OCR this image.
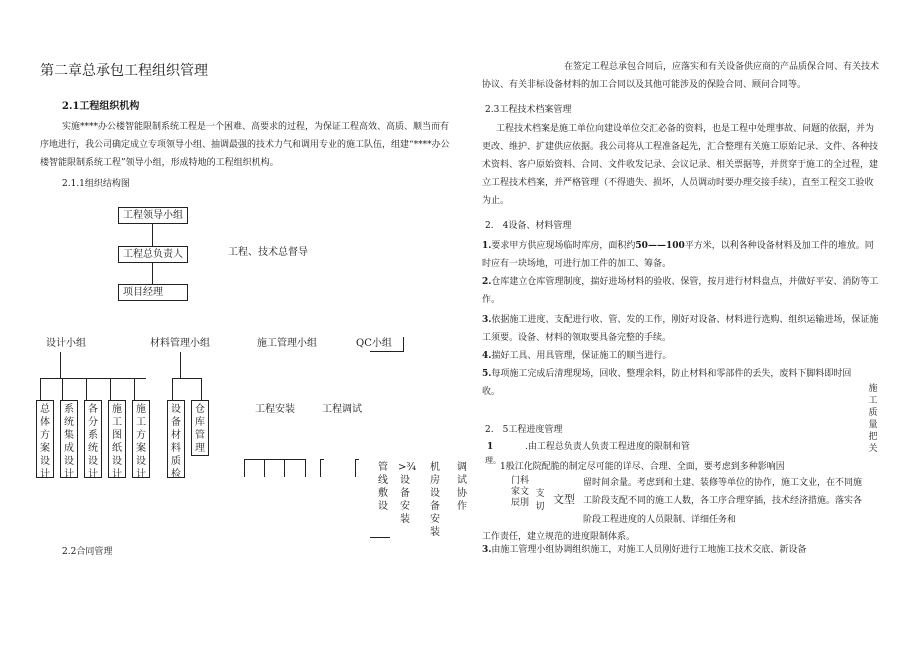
第二章总承包工程组织管理
2.1工程组织机构
实施****办公楼智能限制系统工程是一个困难、高要求的过程，为保证工程高效、高质、顺当而有序地进行，我公司确定成立专项领导小组、抽调最强的技术力气和调用专业的施工队伍，组建“****办公楼智能限制系统工程”领导小组，形成特地的工程组织机构。
2.1.1组织结构图
工程领导小组
工程总负责人	工程、技术总督导
项目经理
设计小组	材料管理小组	施工管理小组	QC小组
总体方案设计
系统集成设计
各分系统设计
施工图纸设计
施工方案设计
设备材料质检
仓库管理
工程安装	工程调试
管线敷设
>¾设备安装
机房设备安装
调试协作
2.2合同管理
在签定工程总承包合同后，应落实和有关设备供应商的产品质保合同、有关技术协议、有关非标设备材料的加工合同以及其他可能涉及的保险合同、顾问合同等。
2.3工程技术档案管理
工程技术档案是施工单位向建设单位交汇必备的资料，也是工程中处理事故、问题的依据，并为更改、维护、扩建供应依据。我公司将从工程准备起先，汇合整理有关施工原始记录、文件、各种技术资料、客户原始资料、合同、文件收发记录、会议记录、相关票据等，并贯穿于施工的全过程，建立工程技术档案，并严格管理（不得遗失、损坏，人员调动时要办理交接手续），直至工程交工验收为止。
2.　4设备、材料管理
1.要求甲方供应现场临时库房，面积约50——100平方米，以利各种设备材料及加工件的堆放。同时应有一块场地，可进行加工件的加工、筹备。
2.仓库建立仓库管理制度，揣好进场材料的验收、保管，按月进行材料盘点，并做好平安、消防等工作。
3.依据施工进度、支配进行收、管、发的工作，刚好对设备、材料进行选购、组织运输进场，保证施工须要。设备、材料的领取要具备完整的手续。
4.揣好工具、用具管理，保证施工的顺当进行。
5.每项施工完成后清理现场，回收、整理余料，防止材料和零部件的丢失，废料下脚料即时回收。	施工质量把关
2.　5工程进度管理
1	.由工程总负责人负责工程进度的限制和管
理。
1般江化院配脆的制定尽可能的详尽、合理、全面，要考虑到多种影响因
门科 家文 辰刖 文型
支 切
留时间余量。考虑到和土建、装修等单位的协作，施工文业，在不同施
工阶段支配不同的施工人数，各工序合理穿插，技术经济措施。落实各
阶段工程进度的人员限制、详细任务和
工作责任，建立规范的进度限制体系。
3.由施工管理小组协调组织施工，对施工人员刚好进行工地施工技术交底、新设备
